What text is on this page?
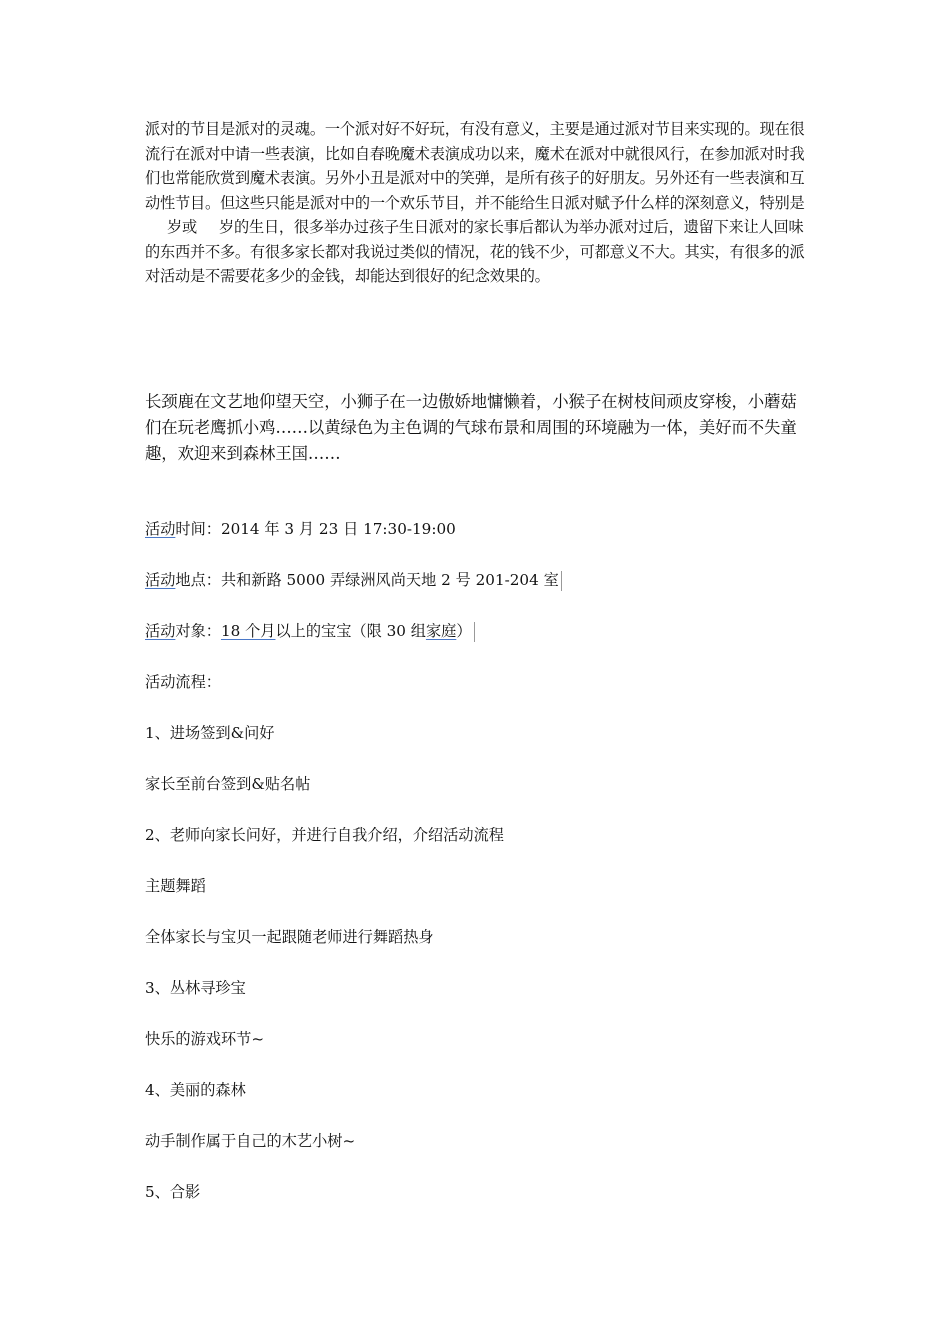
派对的节目是派对的灵魂。一个派对好不好玩，有没有意义，主要是通过派对节目来实现的。现在很流行在派对中请一些表演，比如自春晚魔术表演成功以来，魔术在派对中就很风行，在参加派对时我们也常能欣赏到魔术表演。另外小丑是派对中的笑弹，是所有孩子的好朋友。另外还有一些表演和互动性节目。但这些只能是派对中的一个欢乐节目，并不能给生日派对赋予什么样的深刻意义，特别是岁或 岁的生日，很多举办过孩子生日派对的家长事后都认为举办派对过后，遗留下来让人回味的东西并不多。有很多家长都对我说过类似的情况，花的钱不少，可都意义不大。其实，有很多的派对活动是不需要花多少的金钱，却能达到很好的纪念效果的。

长颈鹿在文艺地仰望天空，小狮子在一边傲娇地慵懒着，小猴子在树枝间顽皮穿梭，小蘑菇们在玩老鹰抓小鸡……以黄绿色为主色调的气球布景和周围的环境融为一体，美好而不失童趣，欢迎来到森林王国……

活动时间：2014 年 3 月 23 日 17:30-19:00

活动地点：共和新路 5000 弄绿洲风尚天地 2 号 201-204 室

活动对象：18 个月以上的宝宝（限 30 组家庭）

活动流程：

1、进场签到&问好

家长至前台签到&贴名帖

2、老师向家长问好，并进行自我介绍，介绍活动流程

主题舞蹈

全体家长与宝贝一起跟随老师进行舞蹈热身

3、丛林寻珍宝

快乐的游戏环节~

4、美丽的森林

动手制作属于自己的木艺小树~

5、合影
